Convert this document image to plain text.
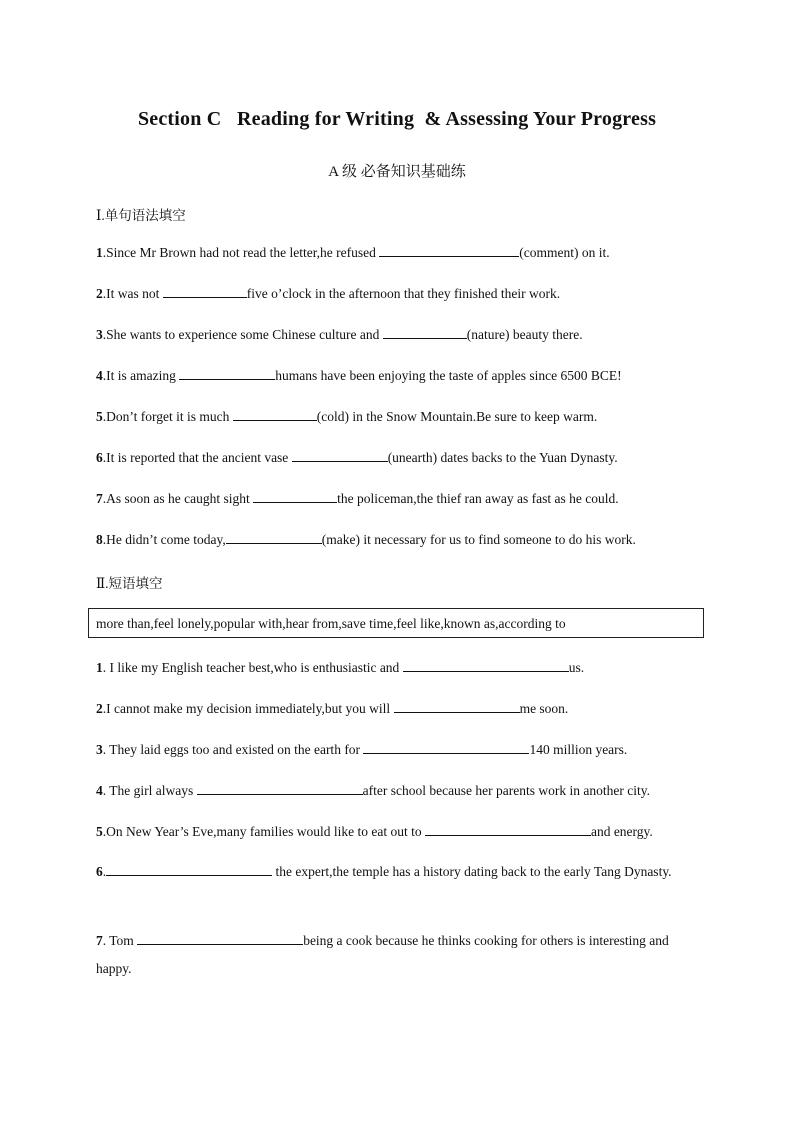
Section C   Reading for Writing  & Assessing Your Progress
A 级 必备知识基础练
Ⅰ.单句语法填空
1.Since Mr Brown had not read the letter,he refused	(comment) on it.
2.It was not	five o’clock in the afternoon that they finished their work.
3.She wants to experience some Chinese culture and	(nature) beauty there.
4.It is amazing	humans have been enjoying the taste of apples since 6500 BCE!
5.Don’t forget it is much	(cold) in the Snow Mountain.Be sure to keep warm.
6.It is reported that the ancient vase	(unearth) dates backs to the Yuan Dynasty.
7.As soon as he caught sight	the policeman,the thief ran away as fast as he could.
8.He didn’t come today,	(make) it necessary for us to find someone to do his work.
Ⅱ.短语填空
more than,feel lonely,popular with,hear from,save time,feel like,known as,according to
1. I like my English teacher best,who is enthusiastic and	us.
2.I cannot make my decision immediately,but you will	me soon.
3. They laid eggs too and existed on the earth for	140 million years.
4. The girl always	after school because her parents work in another city.
5.On New Year’s Eve,many families would like to eat out to	and energy.
6.	the expert,the temple has a history dating back to the early Tang Dynasty.
7. Tom	being a cook because he thinks cooking for others is interesting and happy.
